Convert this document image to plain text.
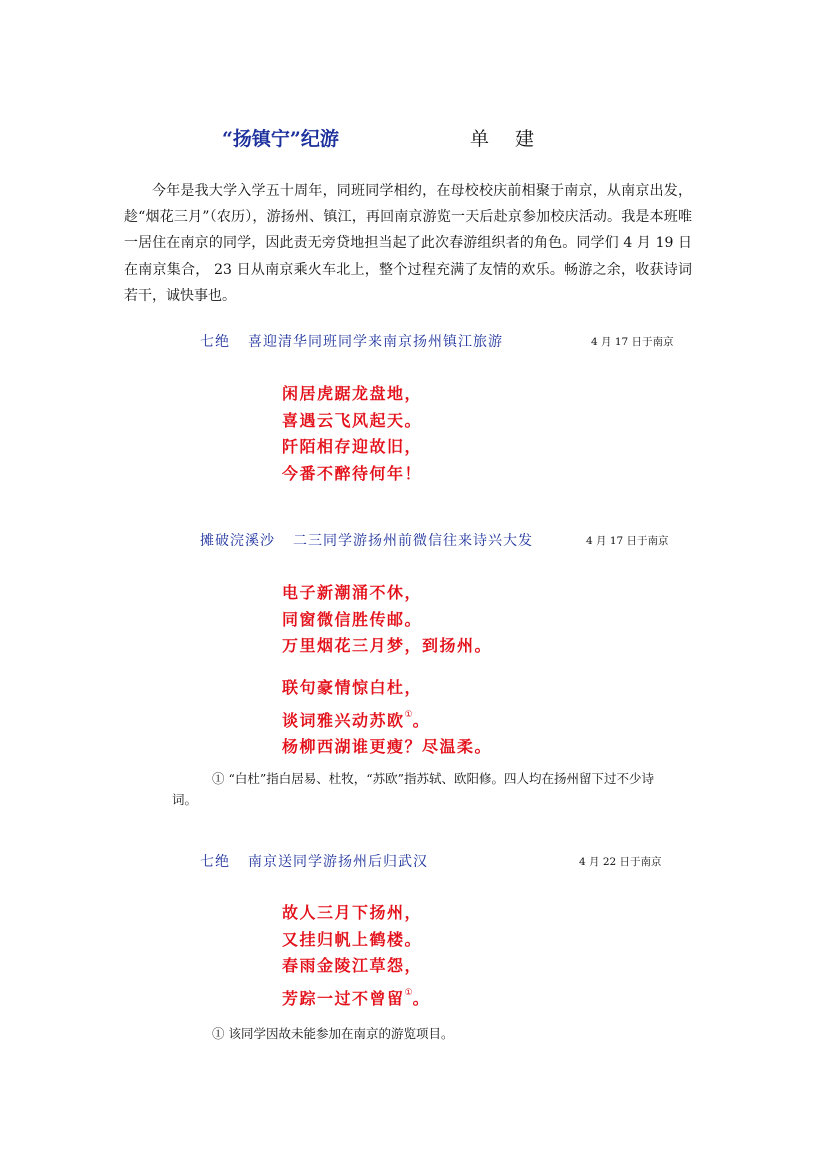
“扬镇宁”纪游	单 建

今年是我大学入学五十周年，同班同学相约，在母校校庆前相聚于南京，从南京出发，趁“烟花三月”（农历），游扬州、镇江，再回南京游览一天后赴京参加校庆活动。我是本班唯一居住在南京的同学，因此责无旁贷地担当起了此次春游组织者的角色。同学们 4 月 19 日在南京集合， 23 日从南京乘火车北上，整个过程充满了友情的欢乐。畅游之余，收获诗词若干，诚快事也。

七绝 喜迎清华同班同学来南京扬州镇江旅游	4 月 17 日于南京
闲居虎踞龙盘地，
喜遇云飞风起天。
阡陌相存迎故旧，
今番不醉待何年！
摊破浣溪沙 二三同学游扬州前微信往来诗兴大发	4 月 17 日于南京
电子新潮涌不休，
同窗微信胜传邮。
万里烟花三月梦，到扬州。
联句豪情惊白杜，
谈词雅兴动苏欧①。
杨柳西湖谁更瘦？尽温柔。
① “白杜”指白居易、杜牧，“苏欧”指苏轼、欧阳修。四人均在扬州留下过不少诗词。
七绝 南京送同学游扬州后归武汉	4 月 22 日于南京
故人三月下扬州，
又挂归帆上鹤楼。
春雨金陵江草怨，
芳踪一过不曾留①。
① 该同学因故未能参加在南京的游览项目。
